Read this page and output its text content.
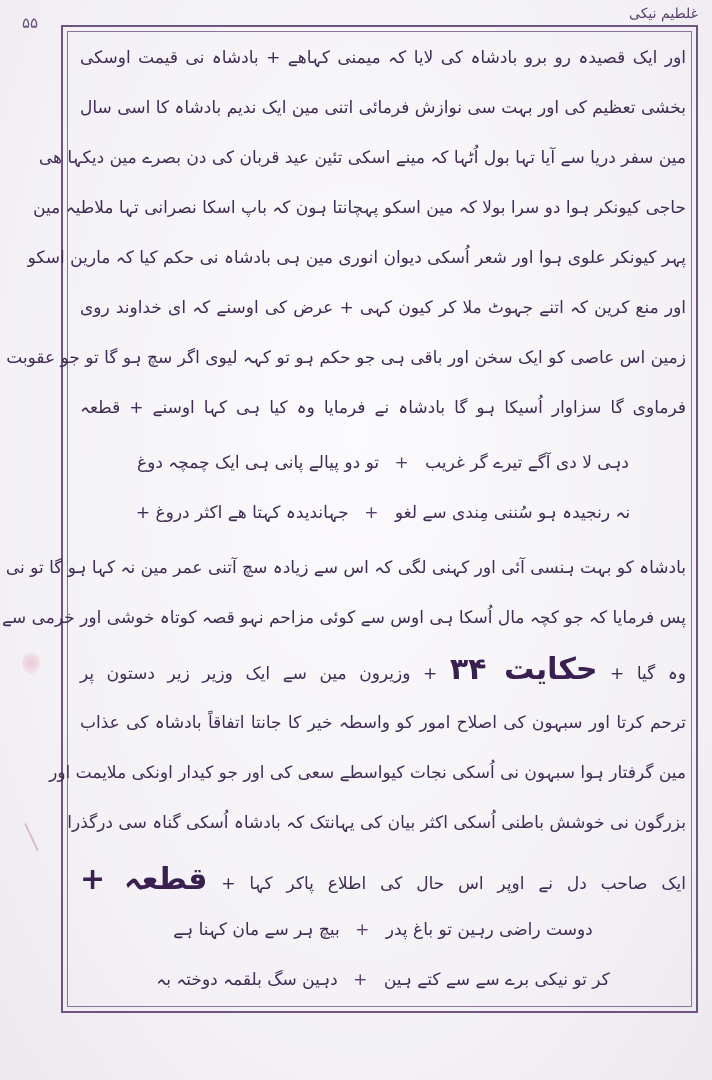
۵۵	غلطیم نیکی
اور ایک قصیدہ رو برو بادشاہ کی لایا کہ میمنی کہاھے + بادشاہ نی قیمت اوسکی
بخشی تعظیم کی اور بہت سی نوازش فرمائی اتنی مین ایک ندیم بادشاہ کا اسی سال
مین سفر دریا سے آیا تہا بول اُٹہا کہ مینے اسکی تئین عید قربان کی دن بصرے مین دیکہا ھی
حاجی کیونکر ہوا دو سرا بولا کہ مین اسکو پہچانتا ہون کہ باپ اسکا نصرانی تہا ملاطیہ مین
پہر کیونکر علوی ہوا اور شعر اُسکی دیوان انوری مین ہی بادشاہ نی حکم کیا کہ مارین اسکو
اور منع کرین کہ اتنے جہوٹ ملا کر کیون کہی + عرض کی اوسنے کہ ای خداوند روی
زمین اس عاصی کو ایک سخن اور باقی ہی جو حکم ہو تو کہہ لیوی اگر سچ ہو گا تو جو عقوبت
فرماوی گا سزاوار اُسیکا ہو گا بادشاہ نے فرمایا وہ کیا ہی کہا اوسنے + قطعہ
دہی لا دی آگے تیرے گر غریب + تو دو پیالے پانی ہی ایک چمچہ دوغ
نہ رنجیدہ ہو سُننی مِندی سے لغو + جہاندیدہ کہتا ھے اکثر دروغ +
بادشاہ کو بہت ہنسی آئی اور کہنی لگی کہ اس سے زیادہ سچ آتنی عمر مین نہ کہا ہو گا تو نی
پس فرمایا کہ جو کچہ مال اُسکا ہی اوس سے کوئی مزاحم نہو قصہ کوتاہ خوشی اور خرمی سے
وہ گیا + حکایت ۳۴ + وزیرون مین سے ایک وزیر زیر دستون پر
ترحم کرتا اور سبہون کی اصلاح امور کو واسطہ خیر کا جانتا اتفاقاً بادشاہ کی عذاب
مین گرفتار ہوا سبہون نی اُسکی نجات کیواسطے سعی کی اور جو کیدار اونکی ملایمت اور
بزرگون نی خوشش باطنی اُسکی اکثر بیان کی یہانتک کہ بادشاہ اُسکی گناہ سی درگذرا
ایک صاحب دل نے اوپر اس حال کی اطلاع پاکر کہا + قطعہ +
دوست راضی رہین تو باغ پدر + بیچ ہر سے مان کہنا ہے
کر تو نیکی برے سے سے کتے ہین + دہین سگ بلقمہ دوختہ بہ
